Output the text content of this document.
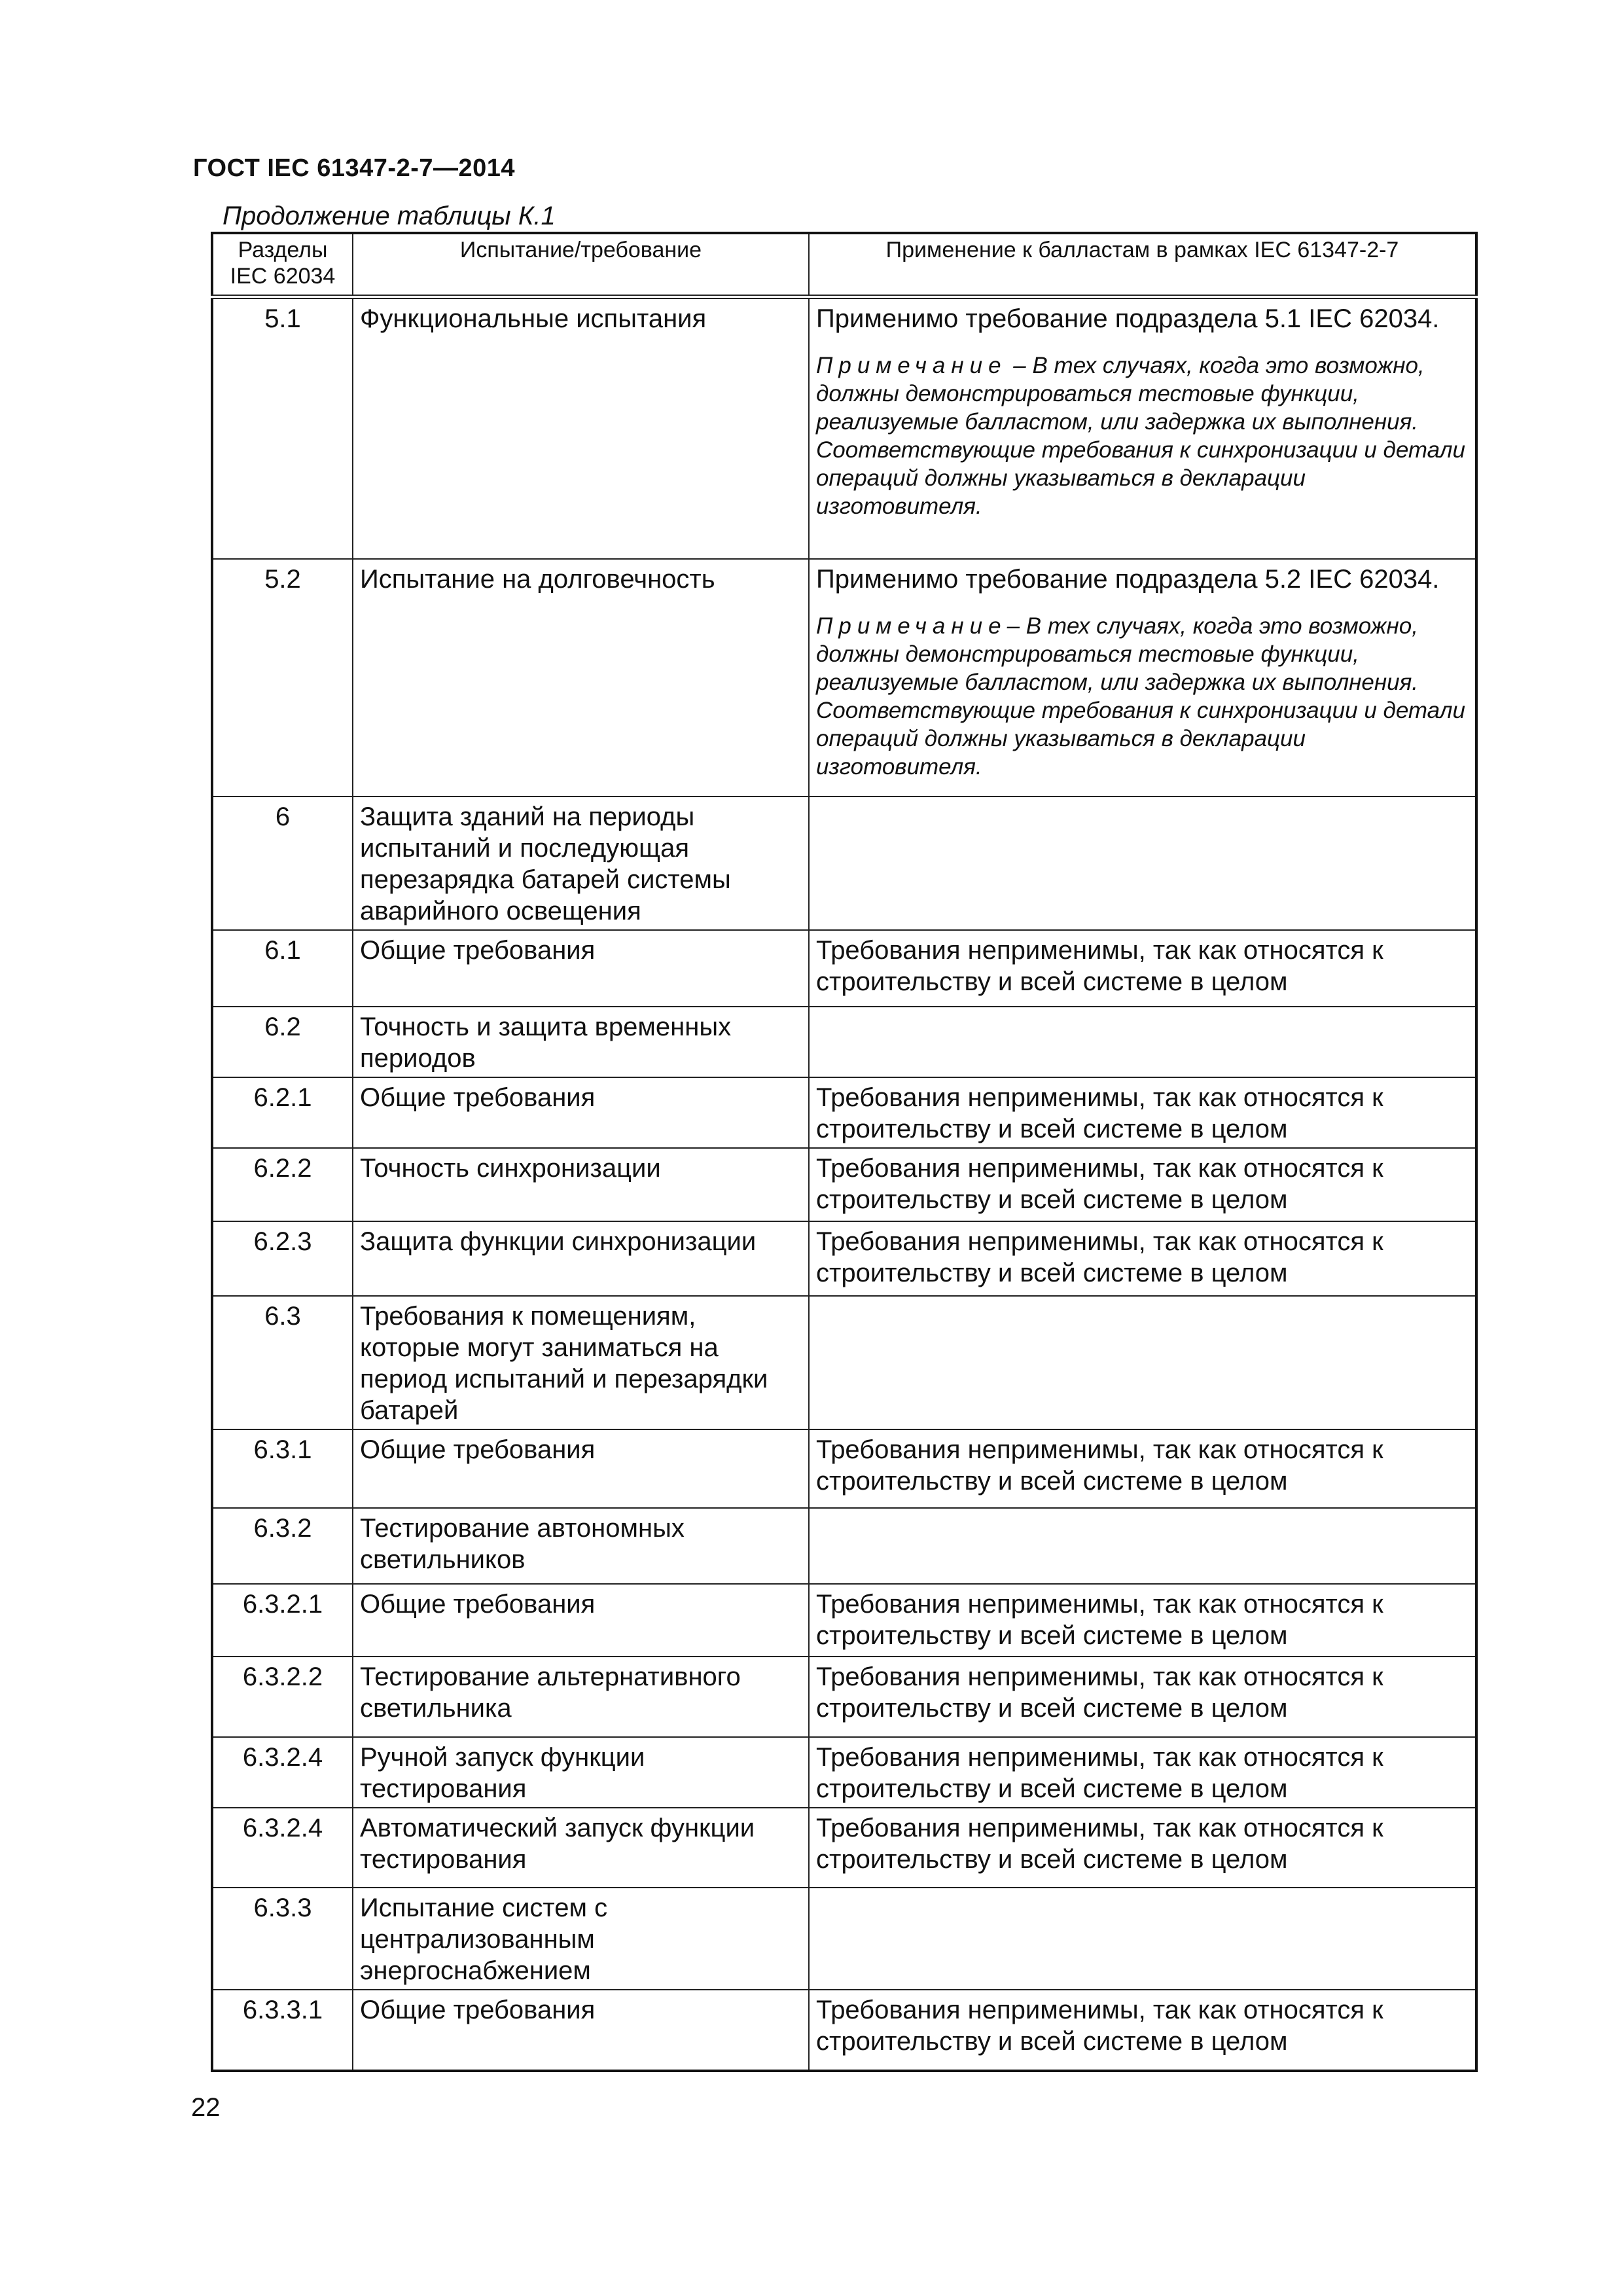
ГОСТ IEC 61347-2-7—2014
Продолжение таблицы К.1
Разделы IEC 62034	Испытание/требование	Применение к балластам в рамках IEC 61347-2-7
5.1	Функциональные испытания	Применимо требование подраздела 5.1 IEC 62034.
Примечание – В тех случаях, когда это возможно, должны демонстрироваться тестовые функции, реализуемые балластом, или задержка их выполнения. Соответствующие требования к синхронизации и детали операций должны указываться в декларации изготовителя.

5.2	Испытание на долговечность	Применимо требование подраздела 5.2 IEC 62034.
Примечание– В тех случаях, когда это возможно, должны демонстрироваться тестовые функции, реализуемые балластом, или задержка их выполнения. Соответствующие требования к синхронизации и детали операций должны указываться в декларации изготовителя.

6	Защита зданий на периоды испытаний и последующая перезарядка батарей системы аварийного освещения	
6.1	Общие требования	Требования неприменимы, так как относятся к строительству и всей системе в целом
6.2	Точность и защита временных периодов	
6.2.1	Общие требования	Требования неприменимы, так как относятся к строительству и всей системе в целом
6.2.2	Точность синхронизации	Требования неприменимы, так как относятся к строительству и всей системе в целом
6.2.3	Защита функции синхронизации	Требования неприменимы, так как относятся к строительству и всей системе в целом
6.3	Требования к помещениям, которые могут заниматься на период испытаний и перезарядки батарей	
6.3.1	Общие требования	Требования неприменимы, так как относятся к строительству и всей системе в целом
6.3.2	Тестирование автономных светильников	
6.3.2.1	Общие требования	Требования неприменимы, так как относятся к строительству и всей системе в целом
6.3.2.2	Тестирование альтернативного светильника	Требования неприменимы, так как относятся к строительству и всей системе в целом
6.3.2.4	Ручной запуск функции тестирования	Требования неприменимы, так как относятся к строительству и всей системе в целом
6.3.2.4	Автоматический запуск функции тестирования	Требования неприменимы, так как относятся к строительству и всей системе в целом
6.3.3	Испытание систем с централизованным энергоснабжением	
6.3.3.1	Общие требования	Требования неприменимы, так как относятся к строительству и всей системе в целом
22
